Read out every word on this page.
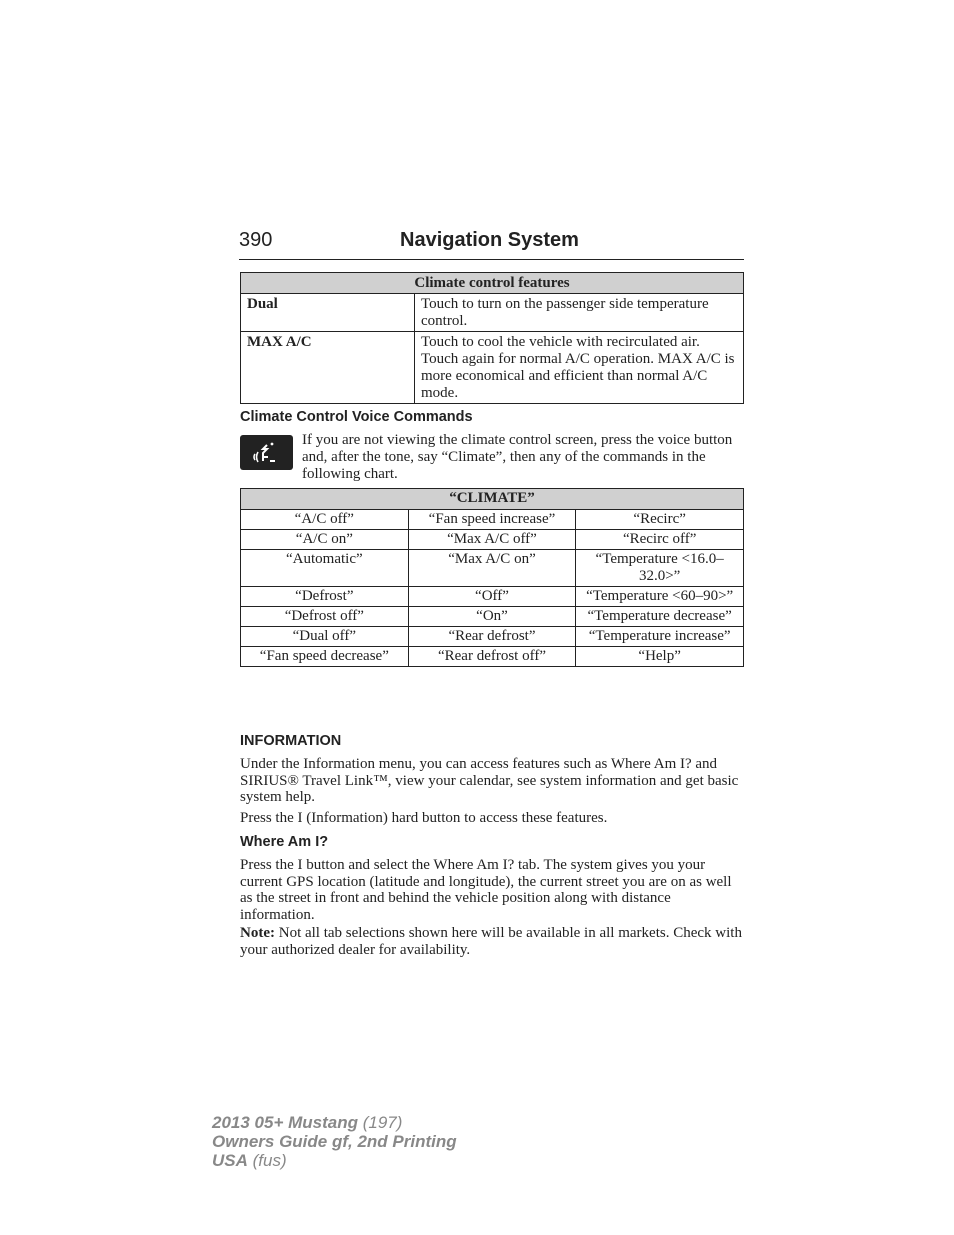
390	Navigation System
Climate control features	
Dual	Touch to turn on the passenger side temperature control.
MAX A/C	Touch to cool the vehicle with recirculated air. Touch again for normal A/C operation. MAX A/C is more economical and efficient than normal A/C mode.
Climate Control Voice Commands
If you are not viewing the climate control screen, press the voice button and, after the tone, say “Climate”, then any of the commands in the following chart.
“CLIMATE”		
“A/C off”	“Fan speed increase”	“Recirc”
“A/C on”	“Max A/C off”	“Recirc off”
“Automatic”	“Max A/C on”	“Temperature <16.0–32.0>”
“Defrost”	“Off”	“Temperature <60–90>”
“Defrost off”	“On”	“Temperature decrease”
“Dual off”	“Rear defrost”	“Temperature increase”
“Fan speed decrease”	“Rear defrost off”	“Help”
INFORMATION
Under the Information menu, you can access features such as Where Am I? and SIRIUS® Travel Link™, view your calendar, see system information and get basic system help.
Press the I (Information) hard button to access these features.
Where Am I?
Press the I button and select the Where Am I? tab. The system gives you your current GPS location (latitude and longitude), the current street you are on as well as the street in front and behind the vehicle position along with distance information.
Note: Not all tab selections shown here will be available in all markets. Check with your authorized dealer for availability.
2013 05+ Mustang (197)
Owners Guide gf, 2nd Printing
USA (fus)
